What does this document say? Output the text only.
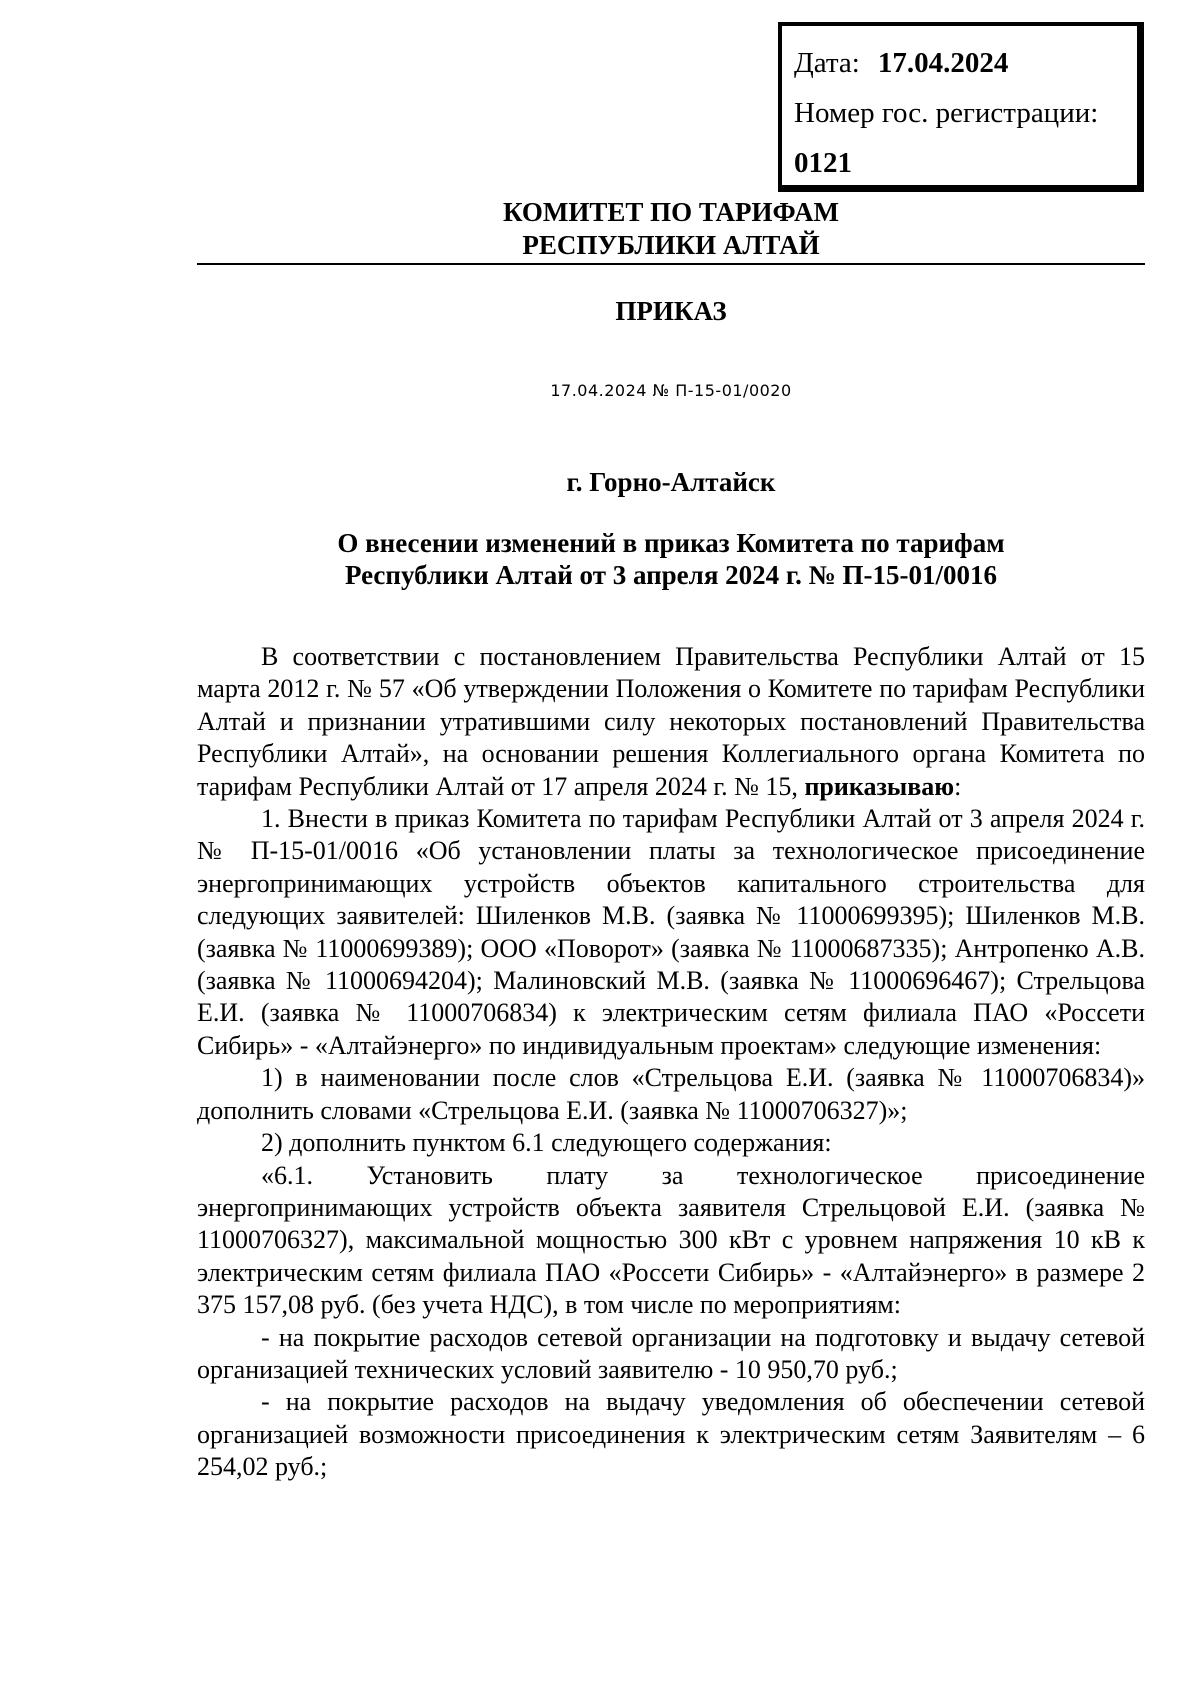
Дата: 17.04.2024
Номер гос. регистрации:
0121
КОМИТЕТ ПО ТАРИФАМ
РЕСПУБЛИКИ АЛТАЙ
ПРИКАЗ
17.04.2024 № П-15-01/0020
г. Горно-Алтайск
О внесении изменений в приказ Комитета по тарифам
Республики Алтай от 3 апреля 2024 г. № П-15-01/0016

В соответствии с постановлением Правительства Республики Алтай от 15 марта 2012 г. № 57 «Об утверждении Положения о Комитете по тарифам Республики Алтай и признании утратившими силу некоторых постановлений Правительства Республики Алтай», на основании решения Коллегиального органа Комитета по тарифам Республики Алтай от 17 апреля 2024 г. № 15, приказываю:

1. Внести в приказ Комитета по тарифам Республики Алтай от 3 апреля 2024 г. № П-15-01/0016 «Об установлении платы за технологическое присоединение энергопринимающих устройств объектов капитального строительства для следующих заявителей: Шиленков М.В. (заявка № 11000699395); Шиленков М.В. (заявка № 11000699389); ООО «Поворот» (заявка № 11000687335); Антропенко А.В. (заявка № 11000694204); Малиновский М.В. (заявка № 11000696467); Стрельцова Е.И. (заявка № 11000706834) к электрическим сетям филиала ПАО «Россети Сибирь» - «Алтайэнерго» по индивидуальным проектам» следующие изменения:

1) в наименовании после слов «Стрельцова Е.И. (заявка № 11000706834)» дополнить словами «Стрельцова Е.И. (заявка № 11000706327)»;

2) дополнить пунктом 6.1 следующего содержания:

«6.1. Установить плату за технологическое присоединение энергопринимающих устройств объекта заявителя Стрельцовой Е.И. (заявка № 11000706327), максимальной мощностью 300 кВт с уровнем напряжения 10 кВ к электрическим сетям филиала ПАО «Россети Сибирь» - «Алтайэнерго» в размере 2 375 157,08 руб. (без учета НДС), в том числе по мероприятиям:

- на покрытие расходов сетевой организации на подготовку и выдачу сетевой организацией технических условий заявителю - 10 950,70 руб.;

- на покрытие расходов на выдачу уведомления об обеспечении сетевой организацией возможности присоединения к электрическим сетям Заявителям – 6 254,02 руб.;
